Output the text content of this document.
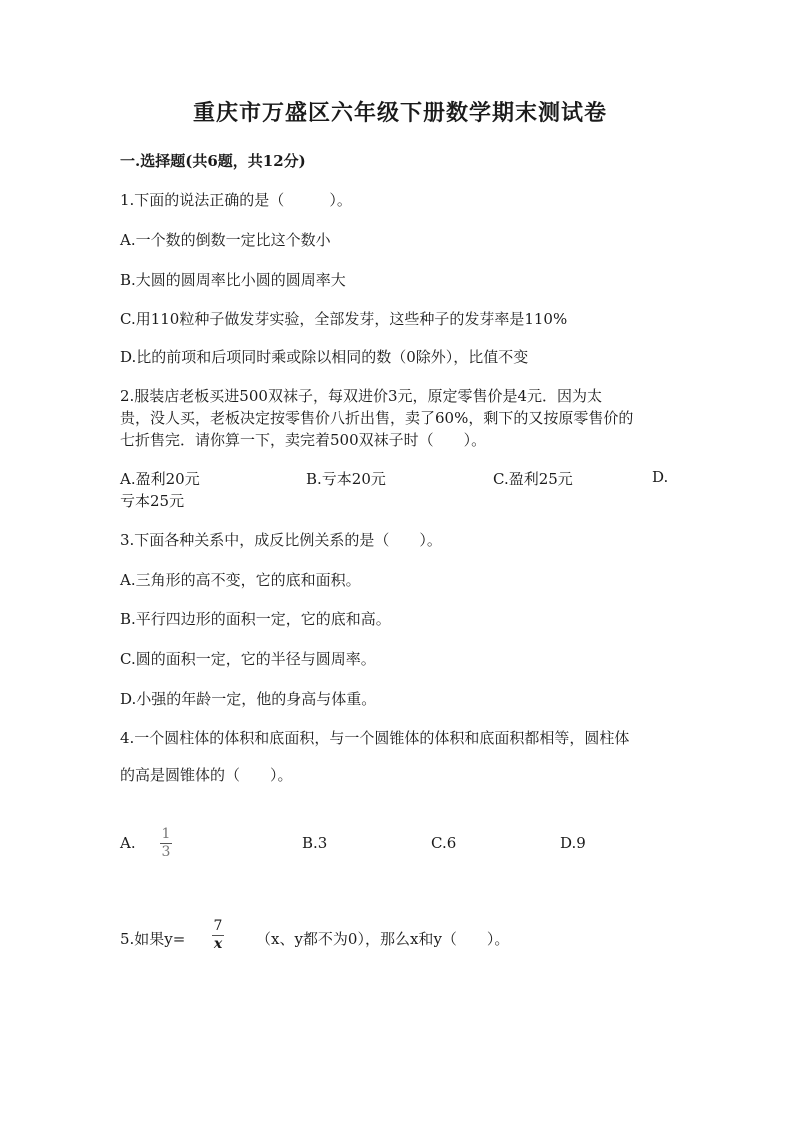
重庆市万盛区六年级下册数学期末测试卷
一.选择题(共6题，共12分)
1.下面的说法正确的是（　　　）。
A.一个数的倒数一定比这个数小
B.大圆的圆周率比小圆的圆周率大
C.用110粒种子做发芽实验，全部发芽，这些种子的发芽率是110%
D.比的前项和后项同时乘或除以相同的数（0除外），比值不变
2.服装店老板买进500双袜子，每双进价3元，原定零售价是4元．因为太
贵，没人买，老板决定按零售价八折出售，卖了60%，剩下的又按原零售价的
七折售完．请你算一下，卖完着500双袜子时（　　）。
A.盈利20元	B.亏本20元	C.盈利25元	D.
亏本25元
3.下面各种关系中，成反比例关系的是（　　）。
A.三角形的高不变，它的底和面积。
B.平行四边形的面积一定，它的底和高。
C.圆的面积一定，它的半径与圆周率。
D.小强的年龄一定，他的身高与体重。
4.一个圆柱体的体积和底面积，与一个圆锥体的体积和底面积都相等，圆柱体
的高是圆锥体的（　　）。
A. 1
3	B.3	C.6	D.9
5.如果y=
7
x （x、y都不为0），那么x和y（　　）。
